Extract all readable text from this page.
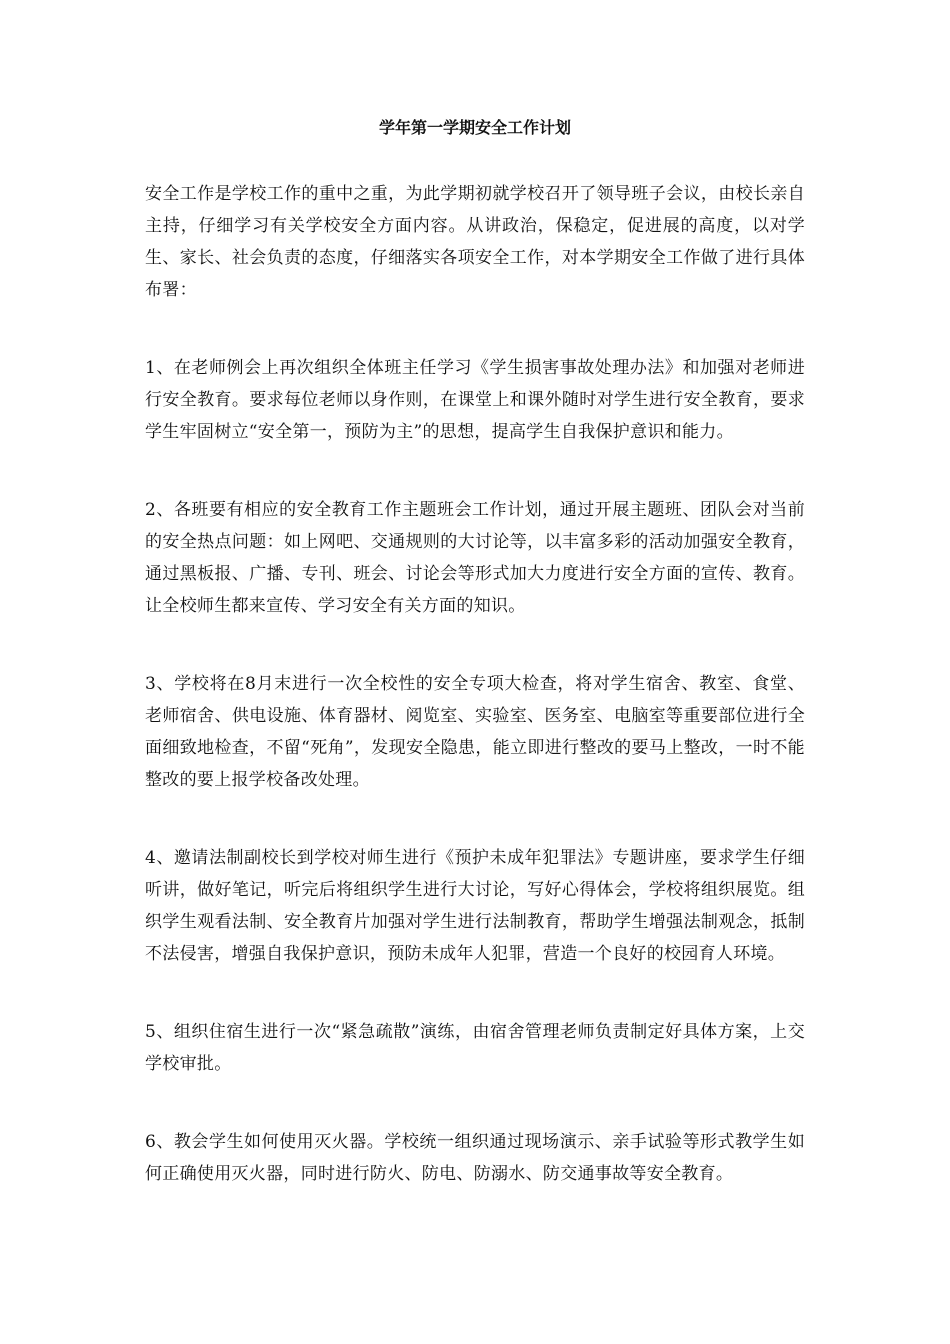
学年第一学期安全工作计划

安全工作是学校工作的重中之重，为此学期初就学校召开了领导班子会议，由校长亲自主持，仔细学习有关学校安全方面内容。从讲政治，保稳定，促进展的高度，以对学生、家长、社会负责的态度，仔细落实各项安全工作，对本学期安全工作做了进行具体布署：

1、在老师例会上再次组织全体班主任学习《学生损害事故处理办法》和加强对老师进行安全教育。要求每位老师以身作则，在课堂上和课外随时对学生进行安全教育，要求学生牢固树立“安全第一，预防为主”的思想，提高学生自我保护意识和能力。

2、各班要有相应的安全教育工作主题班会工作计划，通过开展主题班、团队会对当前的安全热点问题：如上网吧、交通规则的大讨论等，以丰富多彩的活动加强安全教育，通过黑板报、广播、专刊、班会、讨论会等形式加大力度进行安全方面的宣传、教育。让全校师生都来宣传、学习安全有关方面的知识。

3、学校将在8月末进行一次全校性的安全专项大检查，将对学生宿舍、教室、食堂、老师宿舍、供电设施、体育器材、阅览室、实验室、医务室、电脑室等重要部位进行全面细致地检查，不留“死角”，发现安全隐患，能立即进行整改的要马上整改，一时不能整改的要上报学校备改处理。

4、邀请法制副校长到学校对师生进行《预护未成年犯罪法》专题讲座，要求学生仔细听讲，做好笔记，听完后将组织学生进行大讨论，写好心得体会，学校将组织展览。组织学生观看法制、安全教育片加强对学生进行法制教育，帮助学生增强法制观念，抵制不法侵害，增强自我保护意识，预防未成年人犯罪，营造一个良好的校园育人环境。

5、组织住宿生进行一次“紧急疏散”演练，由宿舍管理老师负责制定好具体方案，上交学校审批。

6、教会学生如何使用灭火器。学校统一组织通过现场演示、亲手试验等形式教学生如何正确使用灭火器，同时进行防火、防电、防溺水、防交通事故等安全教育。
